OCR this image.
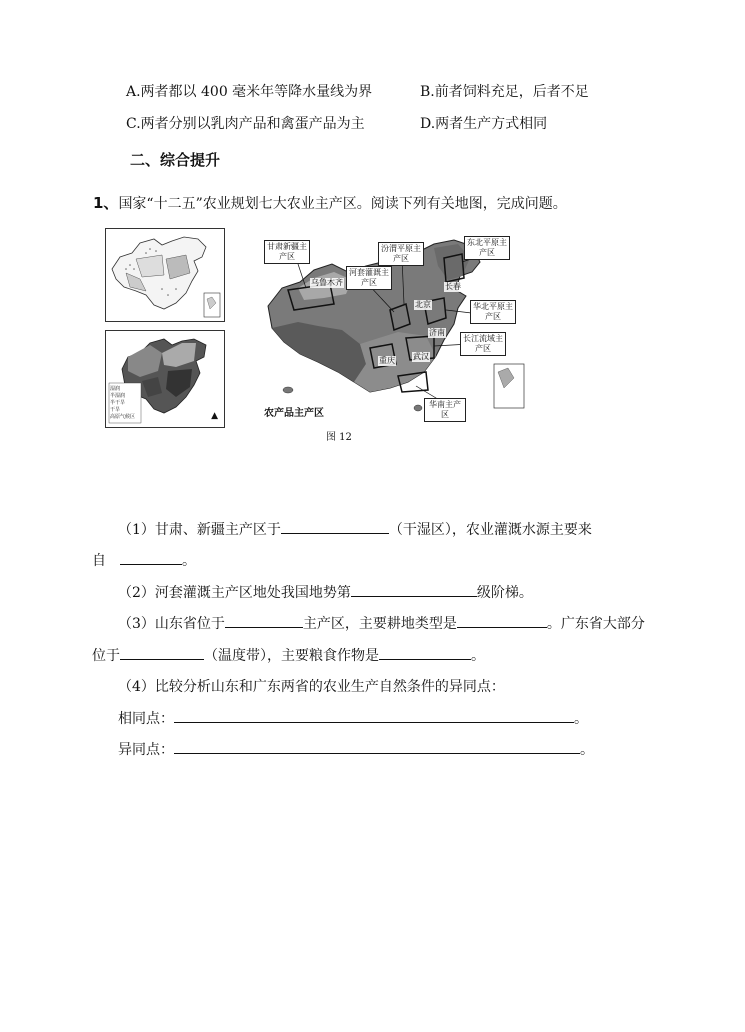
A.两者都以 400 毫米年等降水量线为界	B.前者饲料充足，后者不足
C.两者分别以乳肉产品和禽蛋产品为主	D.两者生产方式相同
二、综合提升
1、国家“十二五”农业规划七大农业主产区。阅读下列有关地图，完成问题。
湿润
半湿润
半干旱
干旱
高原气候区	▲
甘肃新疆主产区
汾渭平原主产区
河套灌溉主产区
东北平原主产区
华北平原主产区
长江流域主产区
华南主产区
乌鲁木齐
北京
长春
济南
武汉
重庆
农产品主产区
图 12
（1）甘肃、新疆主产区于	（干湿区），农业灌溉水源主要来
自	。
（2）河套灌溉主产区地处我国地势第	级阶梯。
（3）山东省位于	主产区，主要耕地类型是	。广东省大部分
位于	（温度带），主要粮食作物是	。
（4）比较分析山东和广东两省的农业生产自然条件的异同点：
相同点：	。
异同点：	。
